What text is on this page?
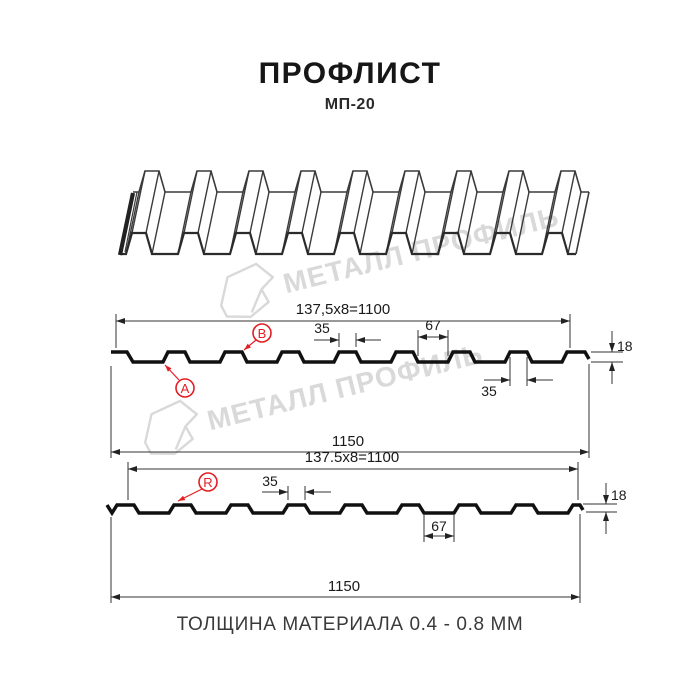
ПРОФЛИСТ
МП-20
137,5x8=1100
35	67
18
35
1150
A
B
137.5x8=1100
35
67
18
1150
R
ТОЛЩИНА МАТЕРИАЛА 0.4 - 0.8 ММ
